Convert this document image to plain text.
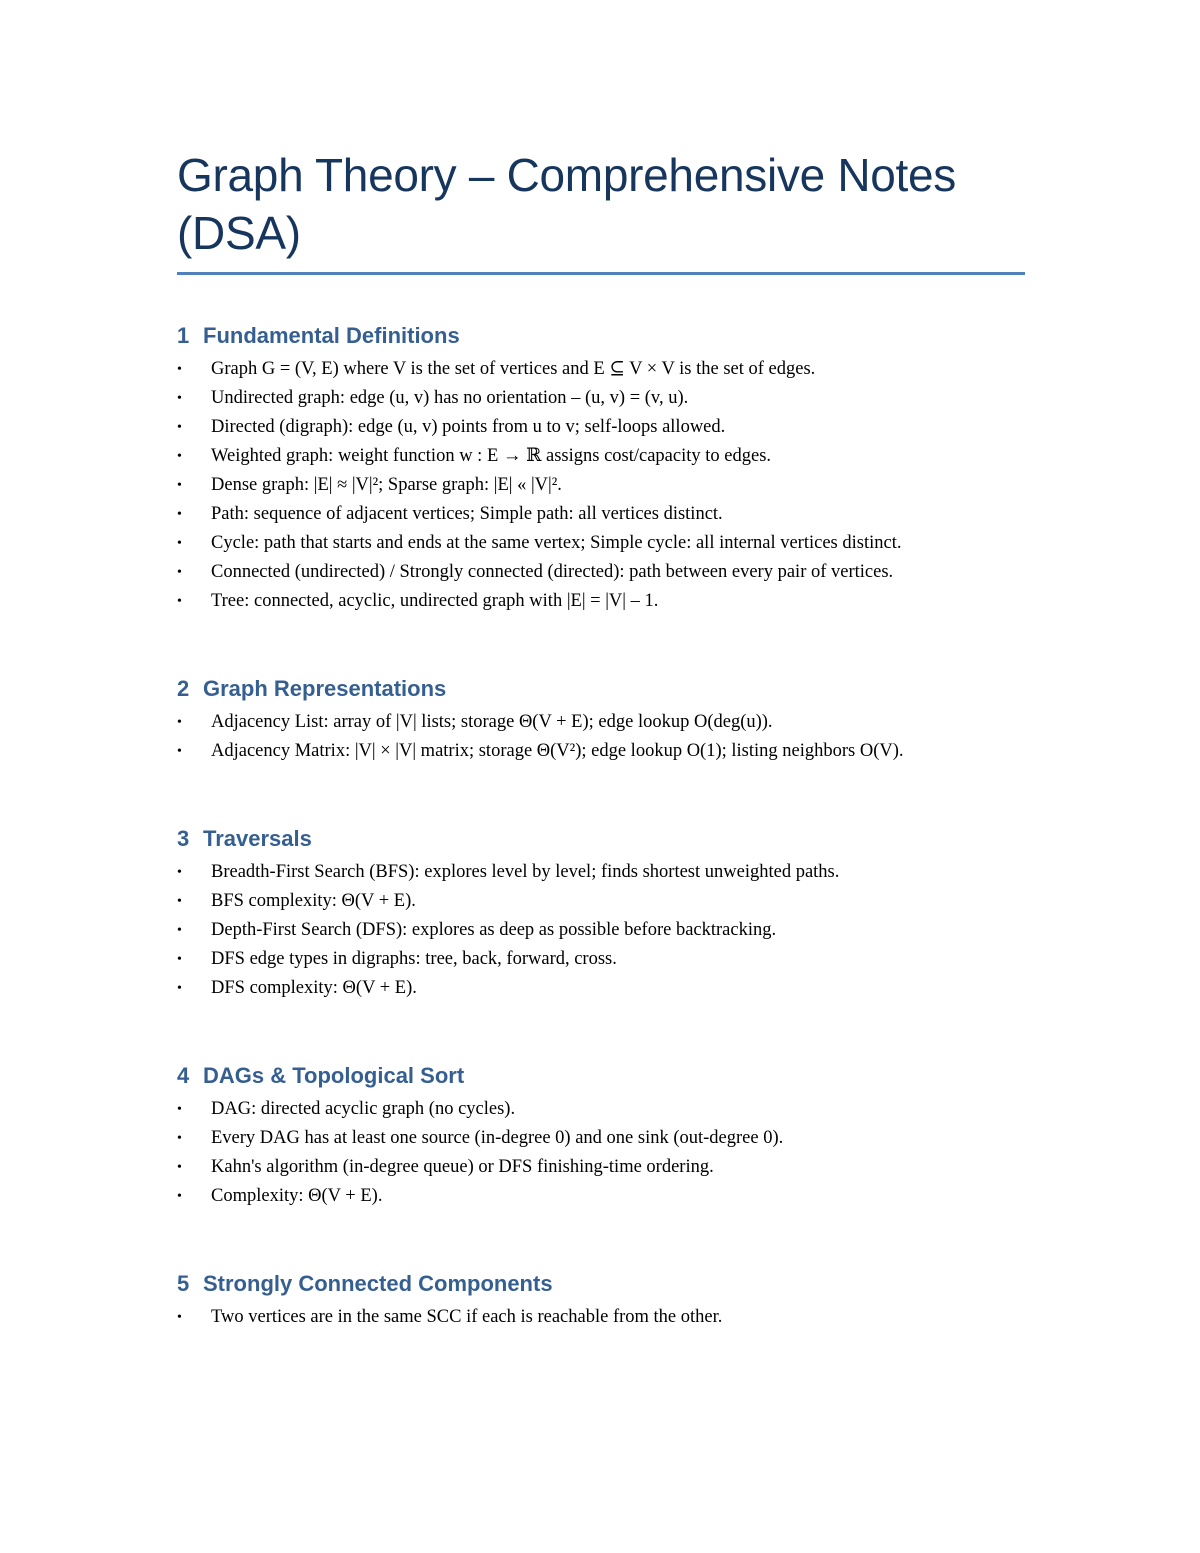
Graph Theory – Comprehensive Notes (DSA)
1 Fundamental Definitions
• Graph G = (V, E) where V is the set of vertices and E ⊆ V × V is the set of edges.
• Undirected graph: edge (u, v) has no orientation – (u, v) = (v, u).
• Directed (digraph): edge (u, v) points from u to v; self-loops allowed.
• Weighted graph: weight function w : E → ℝ assigns cost/capacity to edges.
• Dense graph: |E| ≈ |V|²; Sparse graph: |E| « |V|².
• Path: sequence of adjacent vertices; Simple path: all vertices distinct.
• Cycle: path that starts and ends at the same vertex; Simple cycle: all internal vertices distinct.
• Connected (undirected) / Strongly connected (directed): path between every pair of vertices.
• Tree: connected, acyclic, undirected graph with |E| = |V| – 1.
2 Graph Representations
• Adjacency List: array of |V| lists; storage Θ(V + E); edge lookup O(deg(u)).
• Adjacency Matrix: |V| × |V| matrix; storage Θ(V²); edge lookup O(1); listing neighbors O(V).
3 Traversals
• Breadth-First Search (BFS): explores level by level; finds shortest unweighted paths.
• BFS complexity: Θ(V + E).
• Depth-First Search (DFS): explores as deep as possible before backtracking.
• DFS edge types in digraphs: tree, back, forward, cross.
• DFS complexity: Θ(V + E).
4 DAGs & Topological Sort
• DAG: directed acyclic graph (no cycles).
• Every DAG has at least one source (in-degree 0) and one sink (out-degree 0).
• Kahn's algorithm (in-degree queue) or DFS finishing-time ordering.
• Complexity: Θ(V + E).
5 Strongly Connected Components
• Two vertices are in the same SCC if each is reachable from the other.
